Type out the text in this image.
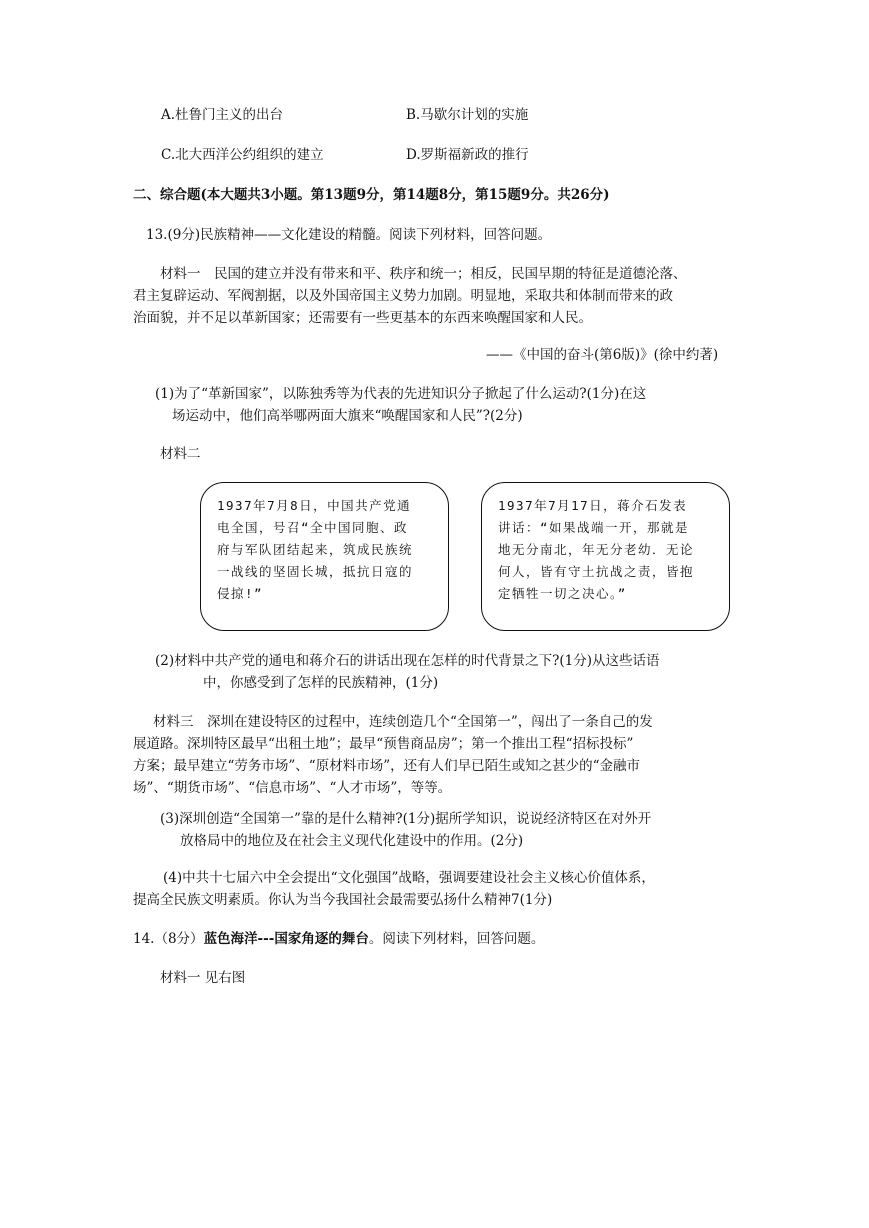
A.杜鲁门主义的出台	B.马歇尔计划的实施
C.北大西洋公约组织的建立	D.罗斯福新政的推行
二、综合题(本大题共3小题。第13题9分，第14题8分，第15题9分。共26分)
13.(9分)民族精神——文化建设的精髓。阅读下列材料，回答问题。
材料一　民国的建立并没有带来和平、秩序和统一；相反，民国早期的特征是道德沦落、
君主复辟运动、军阀割据，以及外国帝国主义势力加剧。明显地，采取共和体制而带来的政
治面貌，并不足以革新国家；还需要有一些更基本的东西来唤醒国家和人民。
——《中国的奋斗(第6版)》(徐中约著)
(1)为了“革新国家”，以陈独秀等为代表的先进知识分子掀起了什么运动?(1分)在这
场运动中，他们高举哪两面大旗来“唤醒国家和人民”?(2分)
材料二
1937年7月8日，中国共产党通
电全国，号召“全中国同胞、政
府与军队团结起来，筑成民族统
一战线的坚固长城，抵抗日寇的
侵掠!”
1937年7月17日，蒋介石发表
讲话：“如果战端一开，那就是
地无分南北，年无分老幼．无论
何人，皆有守土抗战之责，皆抱
定牺牲一切之决心。”
(2)材料中共产党的通电和蒋介石的讲话出现在怎样的时代背景之下?(1分)从这些话语
中，你感受到了怎样的民族精神，(1分)
材料三　深圳在建设特区的过程中，连续创造几个“全国第一”，闯出了一条自己的发
展道路。深圳特区最早“出租土地”；最早“预售商品房”；第一个推出工程“招标投标”
方案；最早建立“劳务市场”、“原材料市场”，还有人们早已陌生或知之甚少的“金融市
场”、“期货市场”、“信息市场”、“人才市场”，等等。
(3)深圳创造“全国第一”靠的是什么精神?(1分)据所学知识，说说经济特区在对外开
放格局中的地位及在社会主义现代化建设中的作用。(2分)
(4)中共十七届六中全会提出“文化强国”战略，强调要建设社会主义核心价值体系，
提高全民族文明素质。你认为当今我国社会最需要弘扬什么精神7(1分)
14.（8分）蓝色海洋---国家角逐的舞台。阅读下列材料，回答问题。
材料一 见右图
